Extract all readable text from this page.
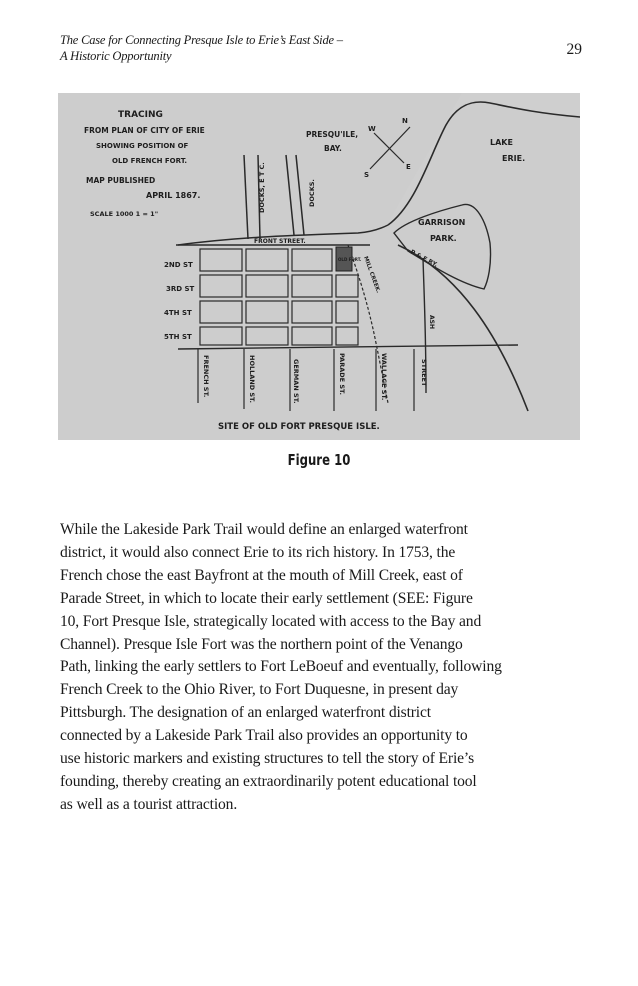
The Case for Connecting Presque Isle to Erie’s East Side –
A Historic Opportunity	29
TRACING
FROM PLAN OF CITY OF ERIE
SHOWING POSITION OF
OLD FRENCH FORT.
MAP PUBLISHED
APRIL 1867.
SCALE 1000 1 = 1"
PRESQU'ILE,
BAY.
LAKE
ERIE.
GARRISON
PARK.
P & E RY.
DOCKS, E T C.	DOCKS.
FRONT STREET.
2ND ST
3RD ST
4TH ST
5TH ST
MILL CREEK.
OLD FORT.
ASH
FRENCH ST.	HOLLAND ST.	GERMAN ST.	PARADE ST.	WALLACE ST.	STREET
SITE OF OLD FORT PRESQUE ISLE.
N
S
E
W
Figure 10
While the Lakeside Park Trail would define an enlarged waterfront
district, it would also connect Erie to its rich history. In 1753, the
French chose the east Bayfront at the mouth of Mill Creek, east of
Parade Street, in which to locate their early settlement (SEE: Figure
10, Fort Presque Isle, strategically located with access to the Bay and
Channel). Presque Isle Fort was the northern point of the Venango
Path, linking the early settlers to Fort LeBoeuf and eventually, following
French Creek to the Ohio River, to Fort Duquesne, in present day
Pittsburgh. The designation of an enlarged waterfront district
connected by a Lakeside Park Trail also provides an opportunity to
use historic markers and existing structures to tell the story of Erie’s
founding, thereby creating an extraordinarily potent educational tool
as well as a tourist attraction.
